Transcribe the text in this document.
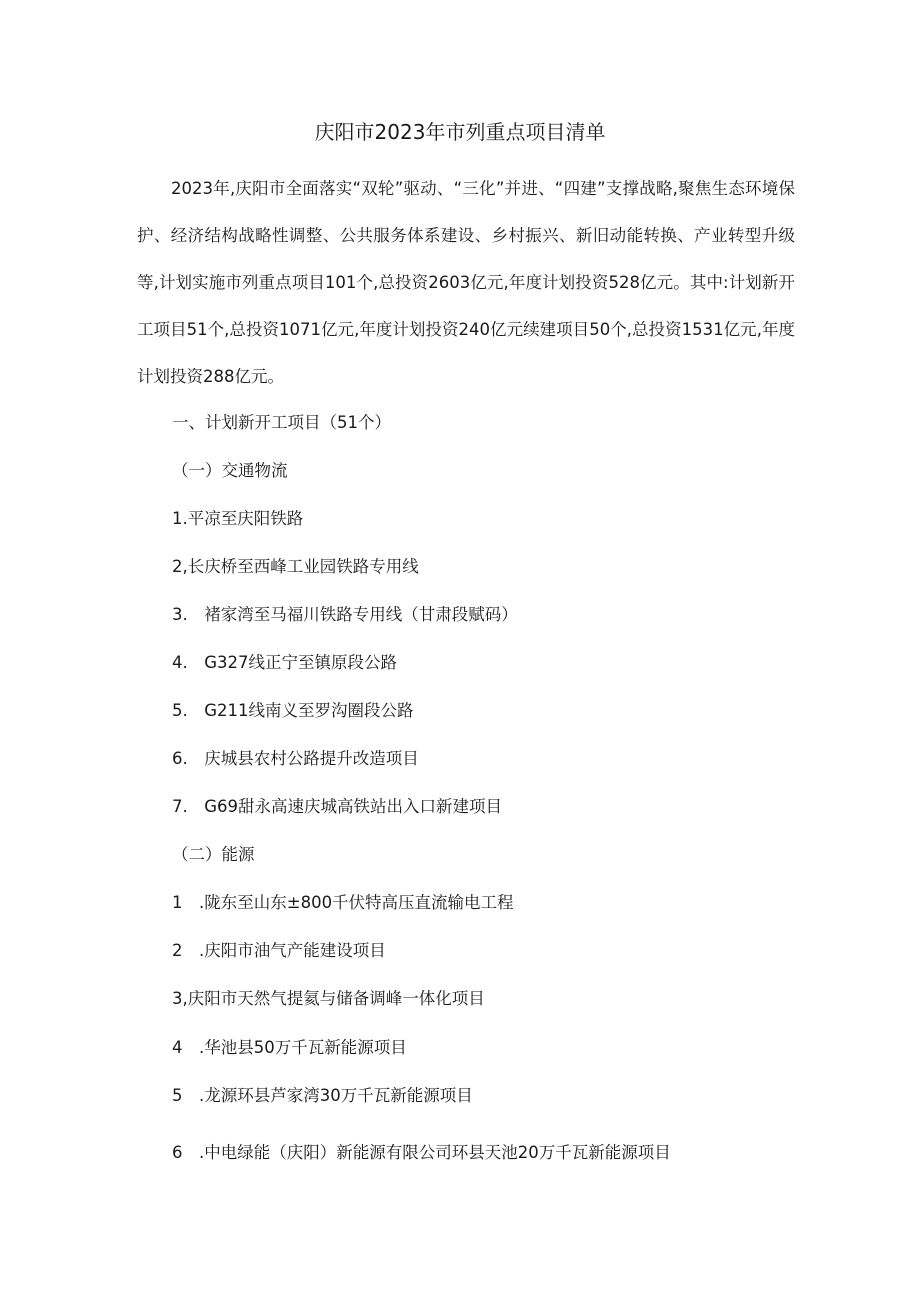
庆阳市2023年市列重点项目清单

2023年,庆阳市全面落实“双轮”驱动、“三化”并进、“四建”支撑战略,聚焦生态环境保护、经济结构战略性调整、公共服务体系建设、乡村振兴、新旧动能转换、产业转型升级等,计划实施市列重点项目101个,总投资2603亿元,年度计划投资528亿元。其中:计划新开工项目51个,总投资1071亿元,年度计划投资240亿元续建项目50个,总投资1531亿元,年度计划投资288亿元。

一、计划新开工项目（51个）
（一）交通物流
1.平凉至庆阳铁路
2,长庆桥至西峰工业园铁路专用线
3.　褚家湾至马福川铁路专用线（甘肃段赋码）
4.　G327线正宁至镇原段公路
5.　G211线南义至罗沟圈段公路
6.　庆城县农村公路提升改造项目
7.　G69甜永高速庆城高铁站出入口新建项目
（二）能源
1　.陇东至山东±800千伏特高压直流输电工程
2　.庆阳市油气产能建设项目
3,庆阳市天然气提氦与储备调峰一体化项目
4　.华池县50万千瓦新能源项目
5　.龙源环县芦家湾30万千瓦新能源项目
6　.中电绿能（庆阳）新能源有限公司环县天池20万千瓦新能源项目
